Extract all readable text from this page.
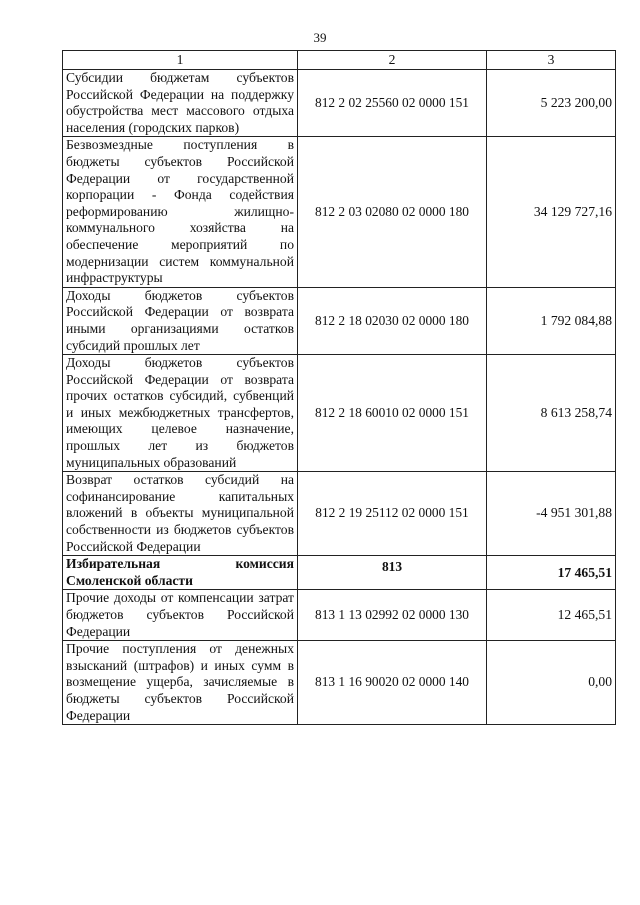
39
1	2	3
Субсидии бюджетам субъектов Российской Федерации на поддержку обустройства мест массового отдыха населения (городских парков)	812 2 02 25560 02 0000 151	5 223 200,00
Безвозмездные поступления в бюджеты субъектов Российской Федерации от государственной корпорации - Фонда содействия реформированию жилищно-коммунального хозяйства на обеспечение мероприятий по модернизации систем коммунальной инфраструктуры	812 2 03 02080 02 0000 180	34 129 727,16
Доходы бюджетов субъектов Российской Федерации от возврата иными организациями остатков субсидий прошлых лет	812 2 18 02030 02 0000 180	1 792 084,88
Доходы бюджетов субъектов Российской Федерации от возврата прочих остатков субсидий, субвенций и иных межбюджетных трансфертов, имеющих целевое назначение, прошлых лет из бюджетов муниципальных образований	812 2 18 60010 02 0000 151	8 613 258,74
Возврат остатков субсидий на софинансирование капитальных вложений в объекты муниципальной собственности из бюджетов субъектов Российской Федерации	812 2 19 25112 02 0000 151	-4 951 301,88
Избирательная комиссия Смоленской области	813	17 465,51
Прочие доходы от компенсации затрат бюджетов субъектов Российской Федерации	813 1 13 02992 02 0000 130	12 465,51
Прочие поступления от денежных взысканий (штрафов) и иных сумм в возмещение ущерба, зачисляемые в бюджеты субъектов Российской Федерации	813 1 16 90020 02 0000 140	0,00
